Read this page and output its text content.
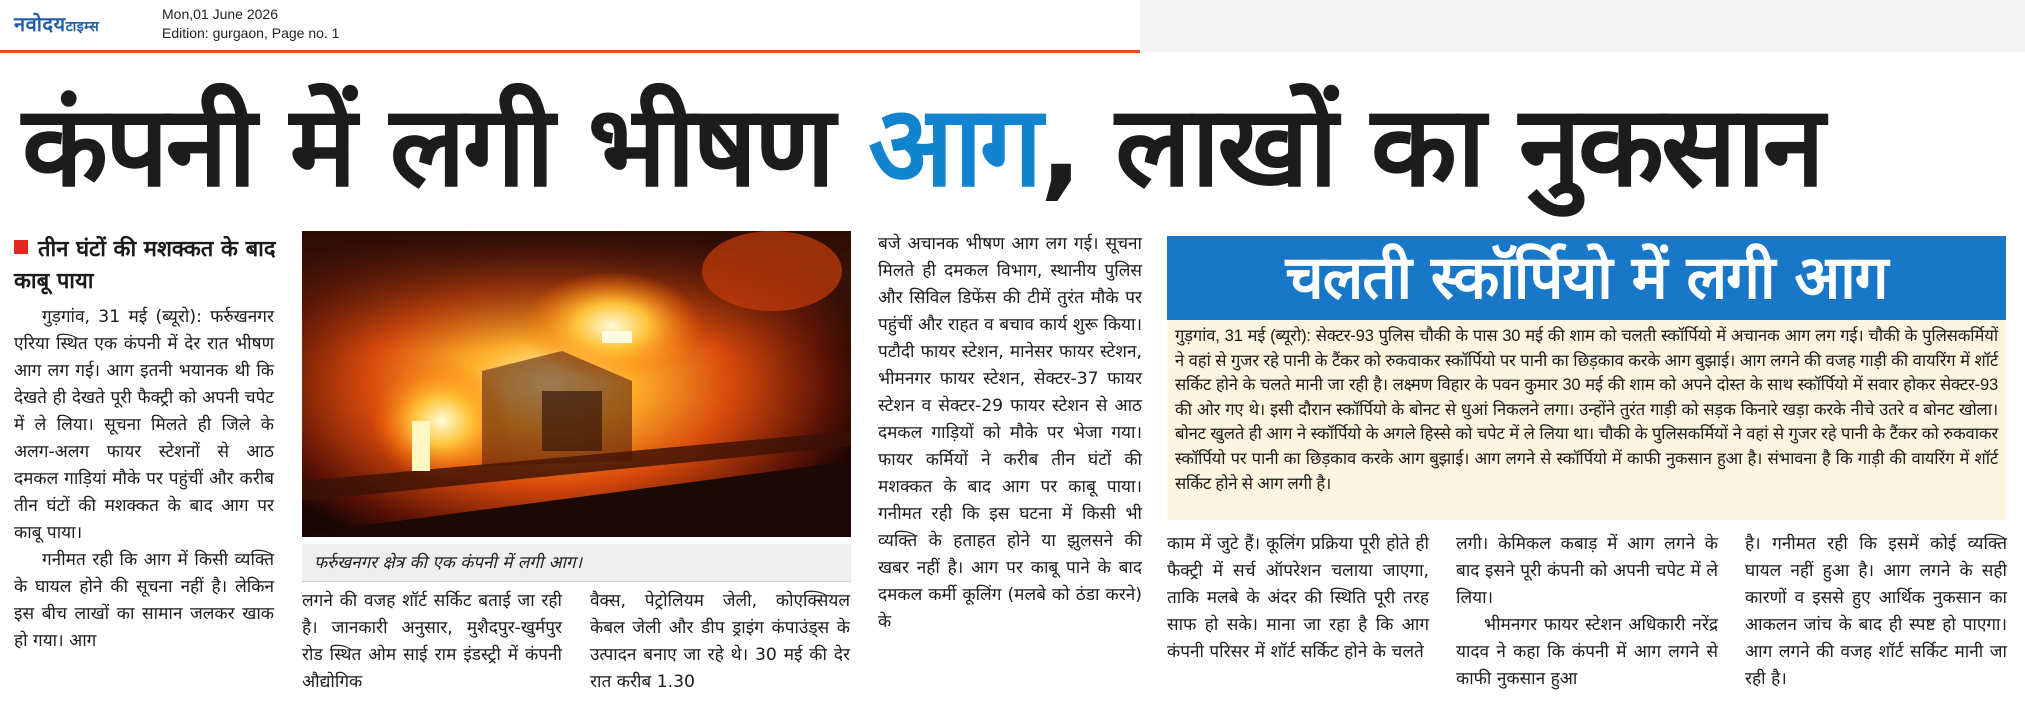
नवोदयटाइम्स
Mon,01 June 2026
Edition: gurgaon, Page no. 1
कंपनी में लगी भीषण आग, लाखों का नुकसान
तीन घंटों की मशक्कत के बाद काबू पाया

गुड़गांव, 31 मई (ब्यूरो): फर्रुखनगर एरिया स्थित एक कंपनी में देर रात भीषण आग लग गई। आग इतनी भयानक थी कि देखते ही देखते पूरी फैक्ट्री को अपनी चपेट में ले लिया। सूचना मिलते ही जिले के अलग-अलग फायर स्टेशनों से आठ दमकल गाड़ियां मौके पर पहुंचीं और करीब तीन घंटों की मशक्कत के बाद आग पर काबू पाया।

गनीमत रही कि आग में किसी व्यक्ति के घायल होने की सूचना नहीं है। लेकिन इस बीच लाखों का सामान जलकर खाक हो गया। आग

फर्रुखनगर क्षेत्र की एक कंपनी में लगी आग।

लगने की वजह शॉर्ट सर्किट बताई जा रही है। जानकारी अनुसार, मुशैदपुर-खुर्मपुर रोड स्थित ओम साई राम इंडस्ट्री में कंपनी औद्योगिक

वैक्स, पेट्रोलियम जेली, कोएक्सियल केबल जेली और डीप ड्राइंग कंपाउंड्स के उत्पादन बनाए जा रहे थे। 30 मई की देर रात करीब 1.30

बजे अचानक भीषण आग लग गई। सूचना मिलते ही दमकल विभाग, स्थानीय पुलिस और सिविल डिफेंस की टीमें तुरंत मौके पर पहुंचीं और राहत व बचाव कार्य शुरू किया। पटौदी फायर स्टेशन, मानेसर फायर स्टेशन, भीमनगर फायर स्टेशन, सेक्टर-37 फायर स्टेशन व सेक्टर-29 फायर स्टेशन से आठ दमकल गाड़ियों को मौके पर भेजा गया। फायर कर्मियों ने करीब तीन घंटों की मशक्कत के बाद आग पर काबू पाया। गनीमत रही कि इस घटना में किसी भी व्यक्ति के हताहत होने या झुलसने की खबर नहीं है। आग पर काबू पाने के बाद दमकल कर्मी कूलिंग (मलबे को ठंडा करने) के

चलती स्कॉर्पियो में लगी आग

गुड़गांव, 31 मई (ब्यूरो): सेक्टर-93 पुलिस चौकी के पास 30 मई की शाम को चलती स्कॉर्पियो में अचानक आग लग गई। चौकी के पुलिसकर्मियों ने वहां से गुजर रहे पानी के टैंकर को रुकवाकर स्कॉर्पियो पर पानी का छिड़काव करके आग बुझाई। आग लगने की वजह गाड़ी की वायरिंग में शॉर्ट सर्किट होने के चलते मानी जा रही है। लक्ष्मण विहार के पवन कुमार 30 मई की शाम को अपने दोस्त के साथ स्कॉर्पियो में सवार होकर सेक्टर-93 की ओर गए थे। इसी दौरान स्कॉर्पियो के बोनट से धुआं निकलने लगा। उन्होंने तुरंत गाड़ी को सड़क किनारे खड़ा करके नीचे उतरे व बोनट खोला। बोनट खुलते ही आग ने स्कॉर्पियो के अगले हिस्से को चपेट में ले लिया था। चौकी के पुलिसकर्मियों ने वहां से गुजर रहे पानी के टैंकर को रुकवाकर स्कॉर्पियो पर पानी का छिड़काव करके आग बुझाई। आग लगने से स्कॉर्पियो में काफी नुकसान हुआ है। संभावना है कि गाड़ी की वायरिंग में शॉर्ट सर्किट होने से आग लगी है।

काम में जुटे हैं। कूलिंग प्रक्रिया पूरी होते ही फैक्ट्री में सर्च ऑपरेशन चलाया जाएगा, ताकि मलबे के अंदर की स्थिति पूरी तरह साफ हो सके। माना जा रहा है कि आग कंपनी परिसर में शॉर्ट सर्किट होने के चलते

लगी। केमिकल कबाड़ में आग लगने के बाद इसने पूरी कंपनी को अपनी चपेट में ले लिया।

भीमनगर फायर स्टेशन अधिकारी नरेंद्र यादव ने कहा कि कंपनी में आग लगने से काफी नुकसान हुआ

है। गनीमत रही कि इसमें कोई व्यक्ति घायल नहीं हुआ है। आग लगने के सही कारणों व इससे हुए आर्थिक नुकसान का आकलन जांच के बाद ही स्पष्ट हो पाएगा। आग लगने की वजह शॉर्ट सर्किट मानी जा रही है।
